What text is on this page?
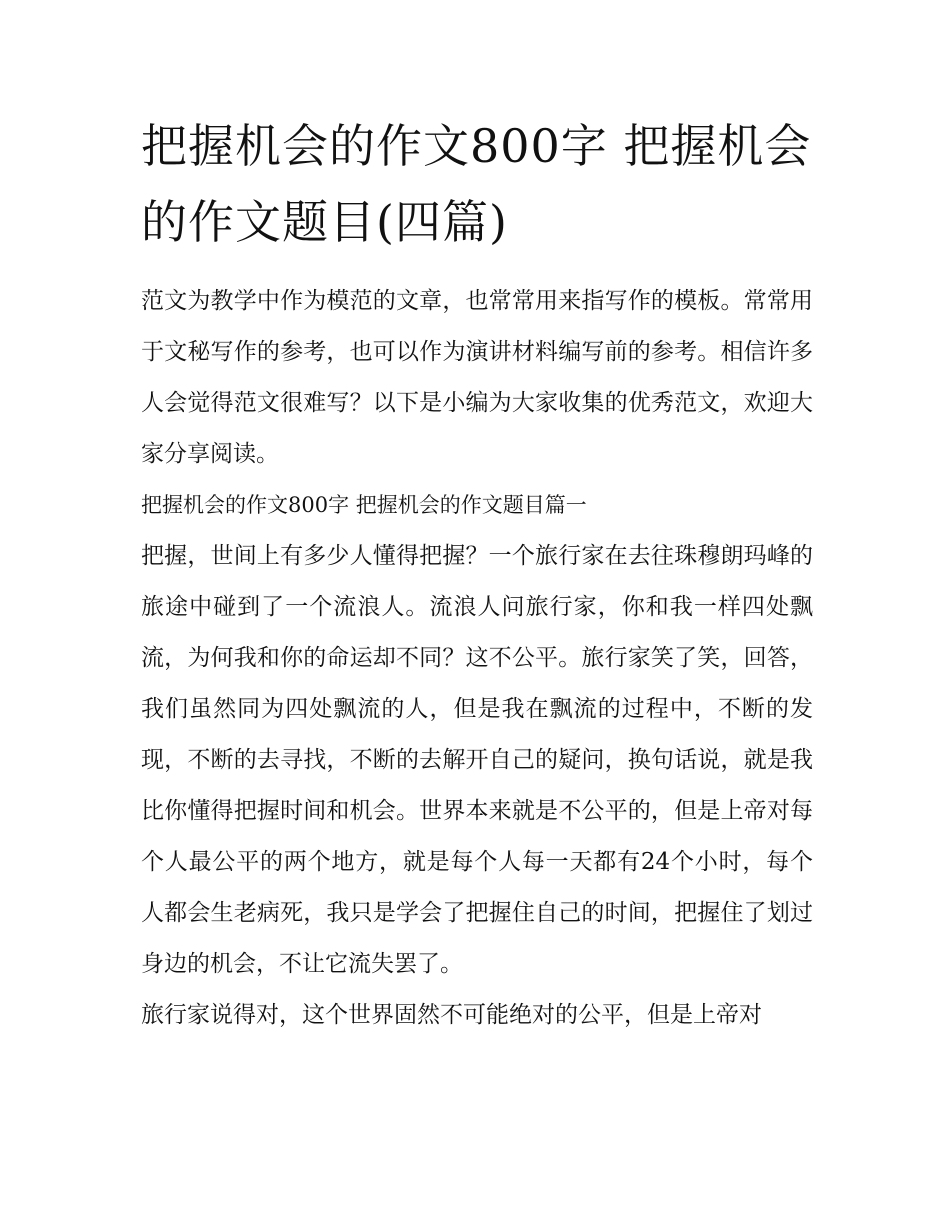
把握机会的作文800字 把握机会的作文题目(四篇)

范文为教学中作为模范的文章，也常常用来指写作的模板。常常用于文秘写作的参考，也可以作为演讲材料编写前的参考。相信许多人会觉得范文很难写？以下是小编为大家收集的优秀范文，欢迎大家分享阅读。

把握机会的作文800字 把握机会的作文题目篇一

把握，世间上有多少人懂得把握？一个旅行家在去往珠穆朗玛峰的旅途中碰到了一个流浪人。流浪人问旅行家，你和我一样四处飘流，为何我和你的命运却不同？这不公平。旅行家笑了笑，回答，我们虽然同为四处飘流的人，但是我在飘流的过程中，不断的发现，不断的去寻找，不断的去解开自己的疑问，换句话说，就是我比你懂得把握时间和机会。世界本来就是不公平的，但是上帝对每个人最公平的两个地方，就是每个人每一天都有24个小时，每个人都会生老病死，我只是学会了把握住自己的时间，把握住了划过身边的机会，不让它流失罢了。

旅行家说得对，这个世界固然不可能绝对的公平，但是上帝对
